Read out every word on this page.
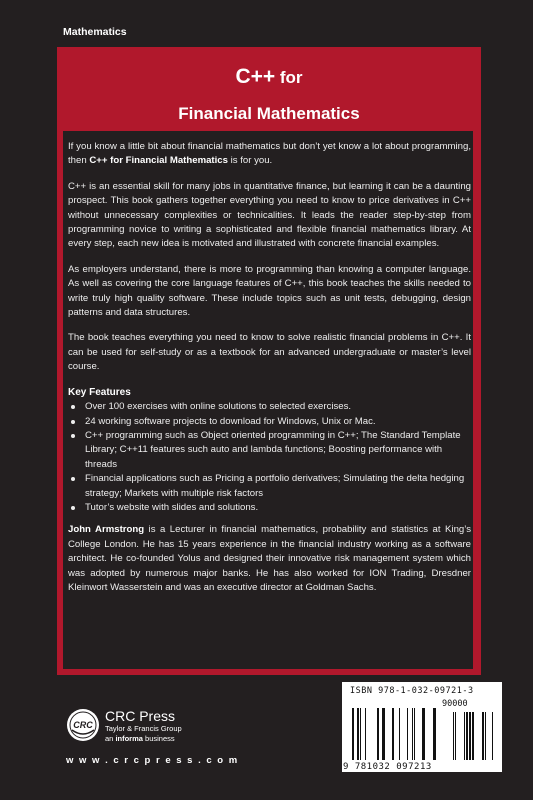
Mathematics
C++ for
Financial Mathematics

If you know a little bit about financial mathematics but don’t yet know a lot about programming, then C++ for Financial Mathematics is for you.

C++ is an essential skill for many jobs in quantitative finance, but learning it can be a daunting prospect. This book gathers together everything you need to know to price derivatives in C++ without unnecessary complexities or technicalities. It leads the reader step-by-step from programming novice to writing a sophisticated and flexible financial mathematics library. At every step, each new idea is motivated and illustrated with concrete financial examples.

As employers understand, there is more to programming than knowing a computer language. As well as covering the core language features of C++, this book teaches the skills needed to write truly high quality software. These include topics such as unit tests, debugging, design patterns and data structures.

The book teaches everything you need to know to solve realistic financial problems in C++. It can be used for self-study or as a textbook for an advanced undergraduate or master’s level course.

Key Features
Over 100 exercises with online solutions to selected exercises.
24 working software projects to download for Windows, Unix or Mac.
C++ programming such as Object oriented programming in C++; The Standard Template Library; C++11 features such auto and lambda functions; Boosting performance with threads
Financial applications such as Pricing a portfolio derivatives; Simulating the delta hedging strategy; Markets with multiple risk factors
Tutor’s website with slides and solutions.

John Armstrong is a Lecturer in financial mathematics, probability and statistics at King’s College London. He has 15 years experience in the financial industry working as a software architect. He co-founded Yolus and designed their innovative risk management system which was adopted by numerous major banks. He has also worked for ION Trading, Dresdner Kleinwort Wasserstein and was an executive director at Goldman Sachs.

CRC
CRC Press
Taylor & Francis Group
an informa business
w w w . c r c p r e s s . c o m
ISBN 978-1-032-09721-3
90000
9 781032 097213
